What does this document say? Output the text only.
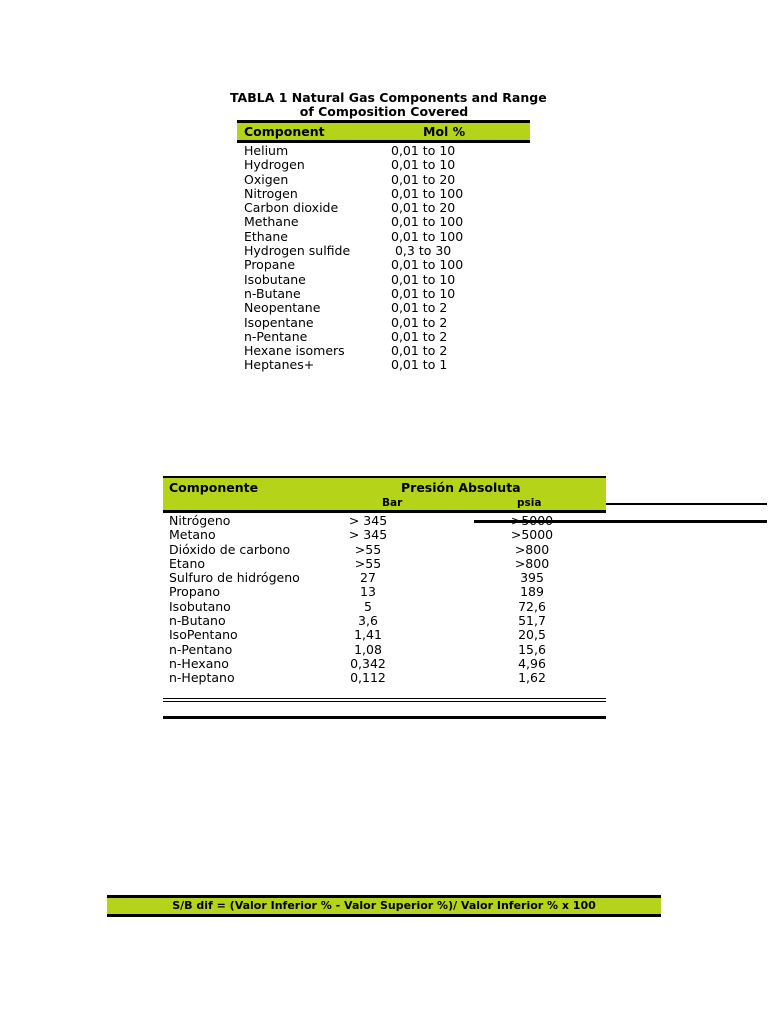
TABLA 1 Natural Gas Components and Range
of Composition Covered
Component	Mol %
Helium	0,01 to 10
Hydrogen	0,01 to 10
Oxigen	0,01 to 20
Nitrogen	0,01 to 100
Carbon dioxide	0,01 to 20
Methane	0,01 to 100
Ethane	0,01 to 100
Hydrogen sulfide	0,3 to 30
Propane	0,01 to 100
Isobutane	0,01 to 10
n-Butane	0,01 to 10
Neopentane	0,01 to 2
Isopentane	0,01 to 2
n-Pentane	0,01 to 2
Hexane isomers	0,01 to 2
Heptanes+	0,01 to 1
Componente	Presión Absoluta
Bar	psia
Nitrógeno	> 345	>5000
Metano	> 345	>5000
Dióxido de carbono	>55	>800
Etano	>55	>800
Sulfuro de hidrógeno	27	395
Propano	13	189
Isobutano	5	72,6
n-Butano	3,6	51,7
IsoPentano	1,41	20,5
n-Pentano	1,08	15,6
n-Hexano	0,342	4,96
n-Heptano	0,112	1,62
S/B dif = (Valor Inferior % - Valor Superior %)/ Valor Inferior % x 100
